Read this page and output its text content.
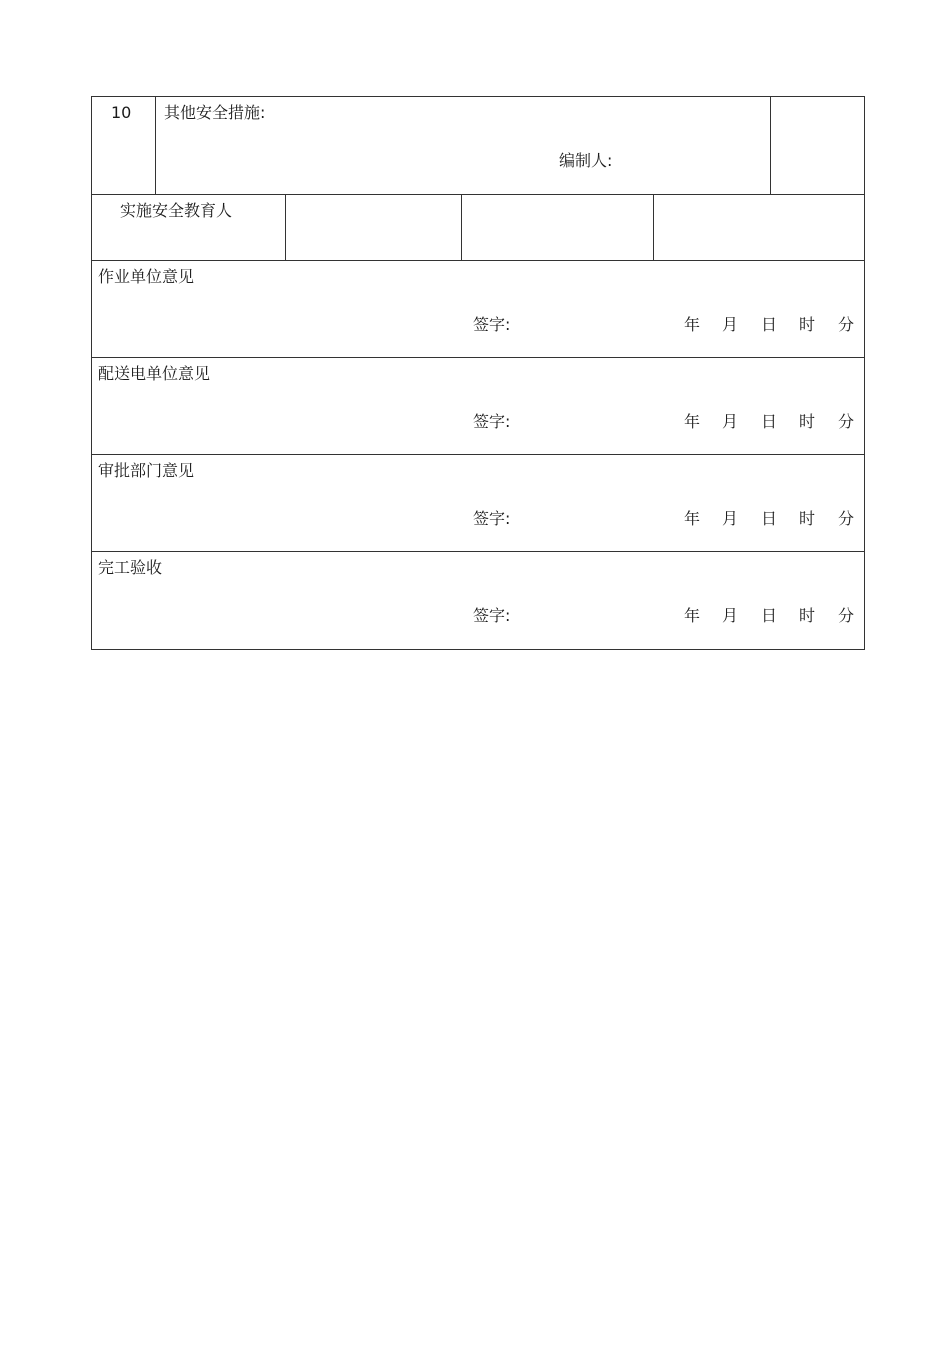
10 其他安全措施:
编制人:
实施安全教育人
作业单位意见
签字:	年 月 日 时 分
配送电单位意见
签字:	年 月 日 时 分
审批部门意见
签字:	年 月 日 时 分
完工验收
签字:	年 月 日 时 分
